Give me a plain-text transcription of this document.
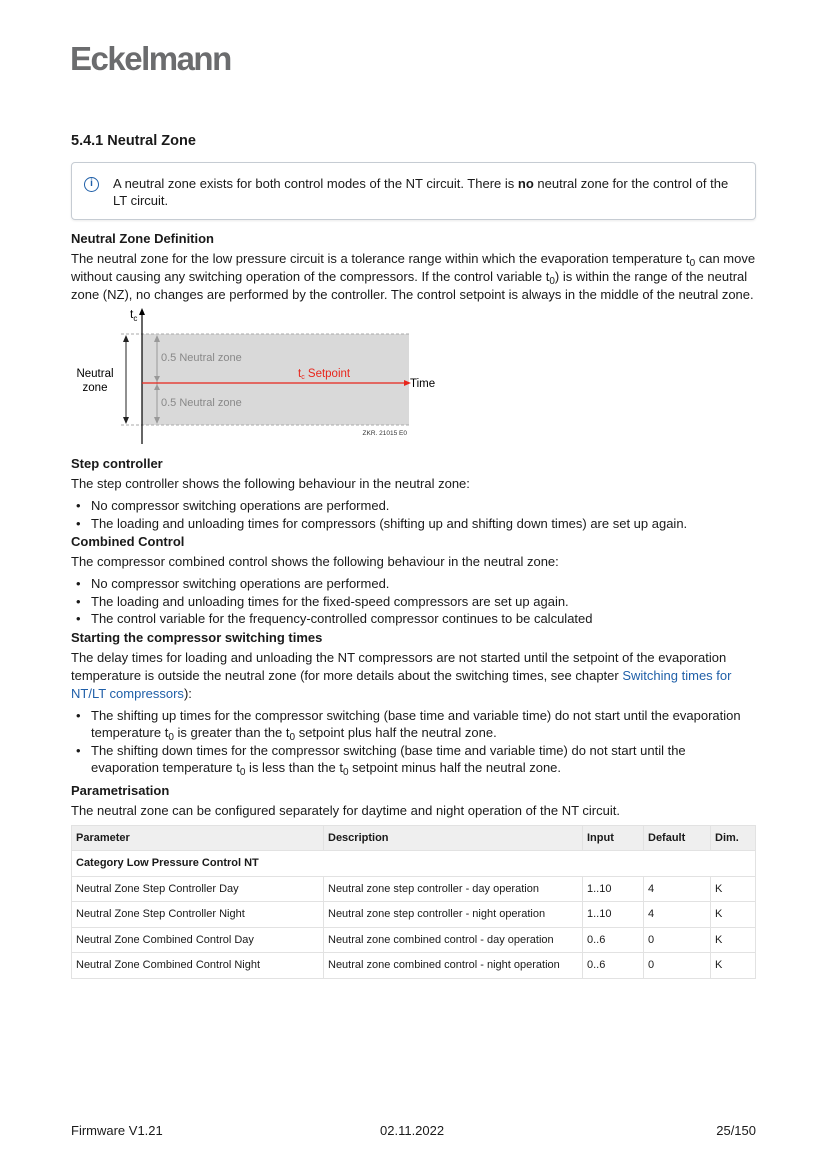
Eckelmann
5.4.1 Neutral Zone
i	A neutral zone exists for both control modes of the NT circuit. There is no neutral zone for the control of the LT circuit.
Neutral Zone Definition

The neutral zone for the low pressure circuit is a tolerance range within which the evaporation temperature $t_0$ can move without causing any switching operation of the compressors. If the control variable $t_0$) is within the range of the neutral zone (NZ), no changes are performed by the controller. The control setpoint is always in the middle of the neutral zone.

$t_c$
Neutral
zone
0.5 Neutral zone
0.5 Neutral zone
tc Setpoint
Time
ZKR. 21015 E0
Step controller

The step controller shows the following behaviour in the neutral zone:

• No compressor switching operations are performed.
• The loading and unloading times for compressors (shifting up and shifting down times) are set up again.
Combined Control

The compressor combined control shows the following behaviour in the neutral zone:

• No compressor switching operations are performed.
• The loading and unloading times for the fixed-speed compressors are set up again.
• The control variable for the frequency-controlled compressor continues to be calculated
Starting the compressor switching times

The delay times for loading and unloading the NT compressors are not started until the setpoint of the evaporation temperature is outside the neutral zone (for more details about the switching times, see chapter Switching times for NT/LT compressors):

• The shifting up times for the compressor switching (base time and variable time) do not start until the evaporation temperature $t_0$ is greater than the $t_0$ setpoint plus half the neutral zone.
• The shifting down times for the compressor switching (base time and variable time) do not start until the evaporation temperature $t_0$ is less than the $t_0$ setpoint minus half the neutral zone.
Parametrisation

The neutral zone can be configured separately for daytime and night operation of the NT circuit.

Parameter	Description	Input	Default	Dim.
Category Low Pressure Control NT				
Neutral Zone Step Controller Day	Neutral zone step controller - day operation	1..10	4	K
Neutral Zone Step Controller Night	Neutral zone step controller - night operation	1..10	4	K
Neutral Zone Combined Control Day	Neutral zone combined control - day operation	0..6	0	K
Neutral Zone Combined Control Night	Neutral zone combined control - night operation	0..6	0	K
Firmware V1.21	02.11.2022	25/150
